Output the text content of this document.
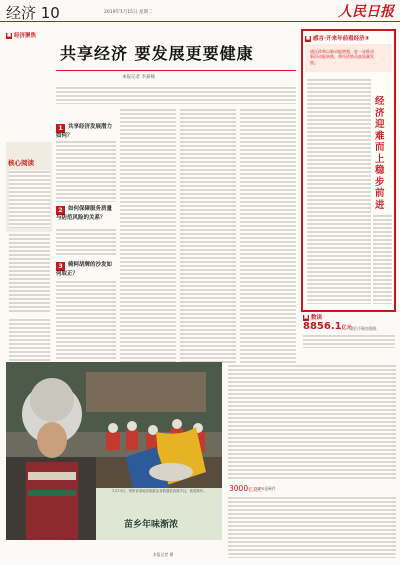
经济 10	2019年1月15日 星期二	人民日报
■ 经济聚焦
共享经济 要发展更要健康
本报记者 李嘉楠
核心阅读
1 共享经济发展潜力如何？
2 如何保障服务质量与防范风险的关系？
3 骑阿胡牌的沙发如何取正？
■ 感言·开来年前看经济③
通过改革以新动能增强，进一步推动新旧动能转换，将经济推动高质量发展。
经济迎难而上稳步前进
■ 数读
8856.1亿元
我们不断加强推
1月13日，贵州省某地苗族群众身着盛装表演节目，欢度新年。
苗乡年味渐浓
本报记者 摄
3000亿美元
GPS是硬件
